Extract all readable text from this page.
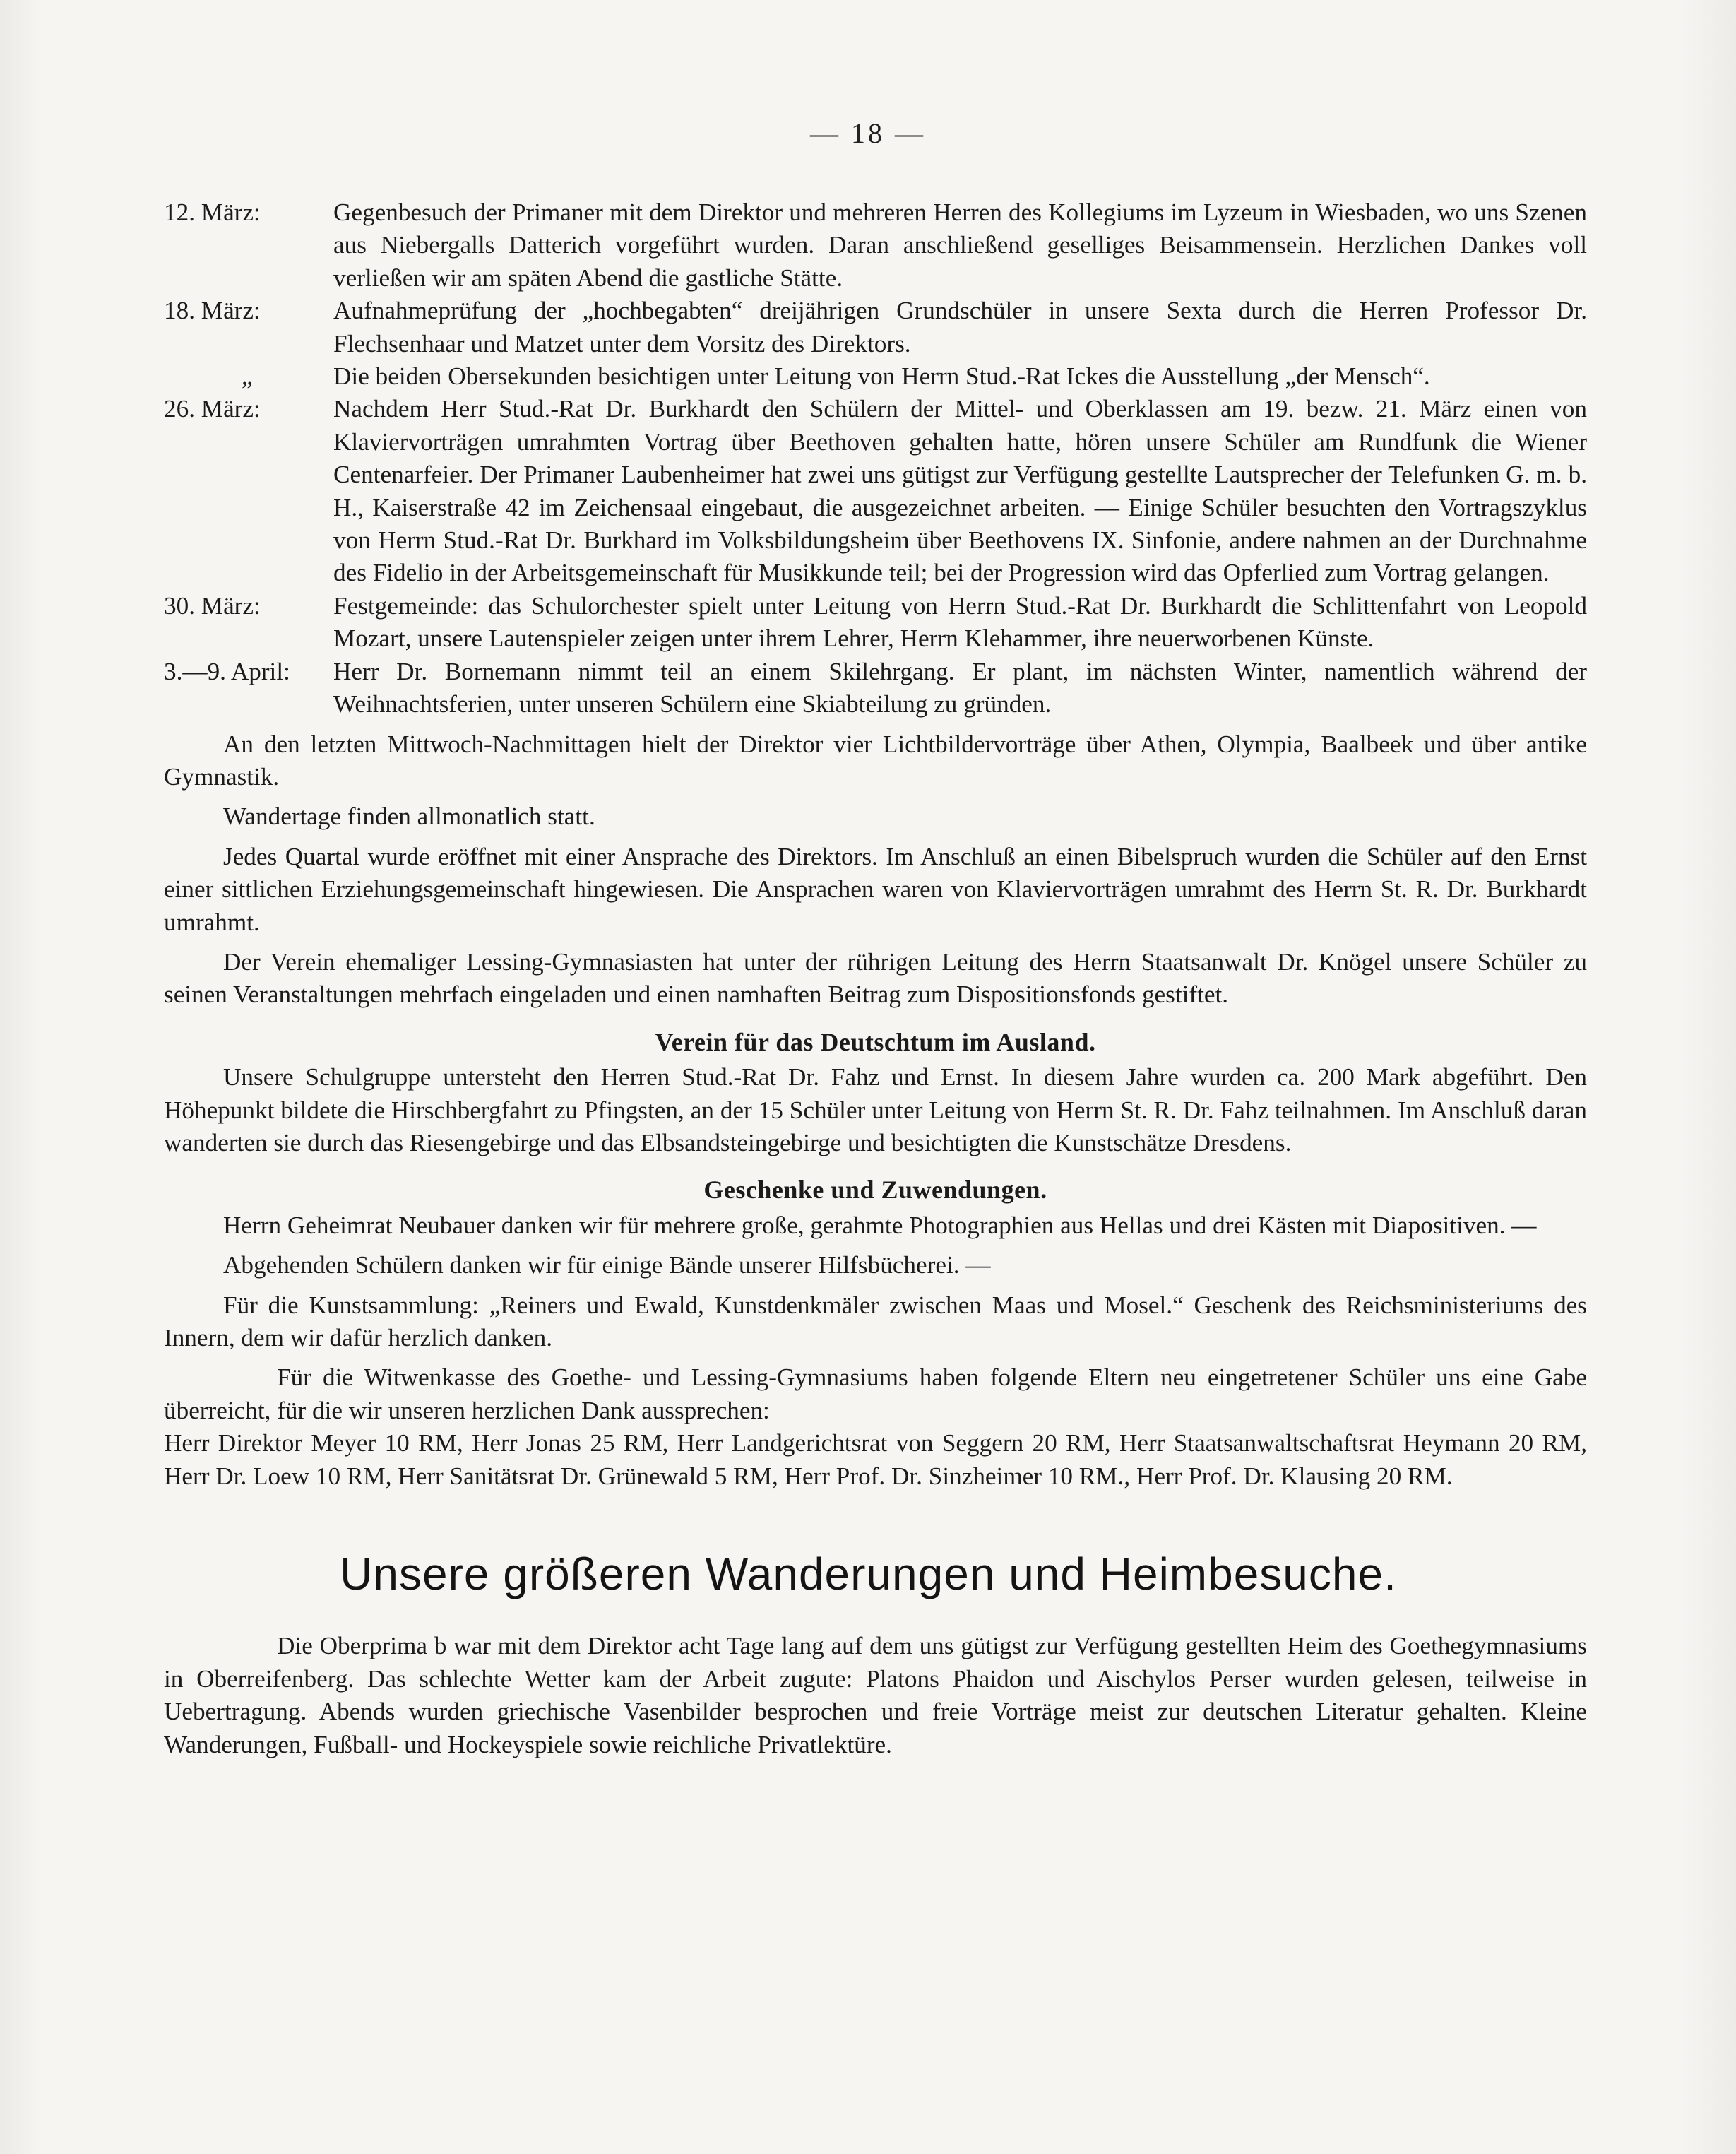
— 18 —
12. März:	Gegenbesuch der Primaner mit dem Direktor und mehreren Herren des Kollegiums im Lyzeum in Wiesbaden, wo uns Szenen aus Niebergalls Datterich vorgeführt wurden. Daran anschließend geselliges Beisammensein. Herzlichen Dankes voll verließen wir am späten Abend die gastliche Stätte.
18. März:	Aufnahmeprüfung der „hochbegabten“ dreijährigen Grundschüler in unsere Sexta durch die Herren Professor Dr. Flechsenhaar und Matzet unter dem Vorsitz des Direktors.
„	Die beiden Obersekunden besichtigen unter Leitung von Herrn Stud.-Rat Ickes die Ausstellung „der Mensch“.
26. März:	Nachdem Herr Stud.-Rat Dr. Burkhardt den Schülern der Mittel- und Oberklassen am 19. bezw. 21. März einen von Klaviervorträgen umrahmten Vortrag über Beethoven gehalten hatte, hören unsere Schüler am Rundfunk die Wiener Centenarfeier. Der Primaner Laubenheimer hat zwei uns gütigst zur Verfügung gestellte Lautsprecher der Telefunken G. m. b. H., Kaiserstraße 42 im Zeichensaal eingebaut, die ausgezeichnet arbeiten. — Einige Schüler besuchten den Vortragszyklus von Herrn Stud.-Rat Dr. Burkhard im Volksbildungsheim über Beethovens IX. Sinfonie, andere nahmen an der Durchnahme des Fidelio in der Arbeitsgemeinschaft für Musikkunde teil; bei der Progression wird das Opferlied zum Vortrag gelangen.
30. März:	Festgemeinde: das Schulorchester spielt unter Leitung von Herrn Stud.-Rat Dr. Burkhardt die Schlittenfahrt von Leopold Mozart, unsere Lautenspieler zeigen unter ihrem Lehrer, Herrn Klehammer, ihre neuerworbenen Künste.
3.—9. April:	Herr Dr. Bornemann nimmt teil an einem Skilehrgang. Er plant, im nächsten Winter, namentlich während der Weihnachtsferien, unter unseren Schülern eine Skiabteilung zu gründen.

An den letzten Mittwoch-Nachmittagen hielt der Direktor vier Lichtbildervorträge über Athen, Olympia, Baalbeek und über antike Gymnastik.

Wandertage finden allmonatlich statt.

Jedes Quartal wurde eröffnet mit einer Ansprache des Direktors. Im Anschluß an einen Bibelspruch wurden die Schüler auf den Ernst einer sittlichen Erziehungsgemeinschaft hingewiesen. Die Ansprachen waren von Klaviervorträgen umrahmt des Herrn St. R. Dr. Burkhardt umrahmt.

Der Verein ehemaliger Lessing-Gymnasiasten hat unter der rührigen Leitung des Herrn Staatsanwalt Dr. Knögel unsere Schüler zu seinen Veranstaltungen mehrfach eingeladen und einen namhaften Beitrag zum Dispositionsfonds gestiftet.

Verein für das Deutschtum im Ausland.

Unsere Schulgruppe untersteht den Herren Stud.-Rat Dr. Fahz und Ernst. In diesem Jahre wurden ca. 200 Mark abgeführt. Den Höhepunkt bildete die Hirschbergfahrt zu Pfingsten, an der 15 Schüler unter Leitung von Herrn St. R. Dr. Fahz teilnahmen. Im Anschluß daran wanderten sie durch das Riesengebirge und das Elbsandsteingebirge und besichtigten die Kunstschätze Dresdens.

Geschenke und Zuwendungen.

Herrn Geheimrat Neubauer danken wir für mehrere große, gerahmte Photographien aus Hellas und drei Kästen mit Diapositiven. —

Abgehenden Schülern danken wir für einige Bände unserer Hilfsbücherei. —

Für die Kunstsammlung: „Reiners und Ewald, Kunstdenkmäler zwischen Maas und Mosel.“ Geschenk des Reichsministeriums des Innern, dem wir dafür herzlich danken.

Für die Witwenkasse des Goethe- und Lessing-Gymnasiums haben folgende Eltern neu eingetretener Schüler uns eine Gabe überreicht, für die wir unseren herzlichen Dank aussprechen:

Herr Direktor Meyer 10 RM, Herr Jonas 25 RM, Herr Landgerichtsrat von Seggern 20 RM, Herr Staatsanwaltschaftsrat Heymann 20 RM, Herr Dr. Loew 10 RM, Herr Sanitätsrat Dr. Grünewald 5 RM, Herr Prof. Dr. Sinzheimer 10 RM., Herr Prof. Dr. Klausing 20 RM.

Unsere größeren Wanderungen und Heimbesuche.

Die Oberprima b war mit dem Direktor acht Tage lang auf dem uns gütigst zur Verfügung gestellten Heim des Goethegymnasiums in Oberreifenberg. Das schlechte Wetter kam der Arbeit zugute: Platons Phaidon und Aischylos Perser wurden gelesen, teilweise in Uebertragung. Abends wurden griechische Vasenbilder besprochen und freie Vorträge meist zur deutschen Literatur gehalten. Kleine Wanderungen, Fußball- und Hockeyspiele sowie reichliche Privatlektüre.
